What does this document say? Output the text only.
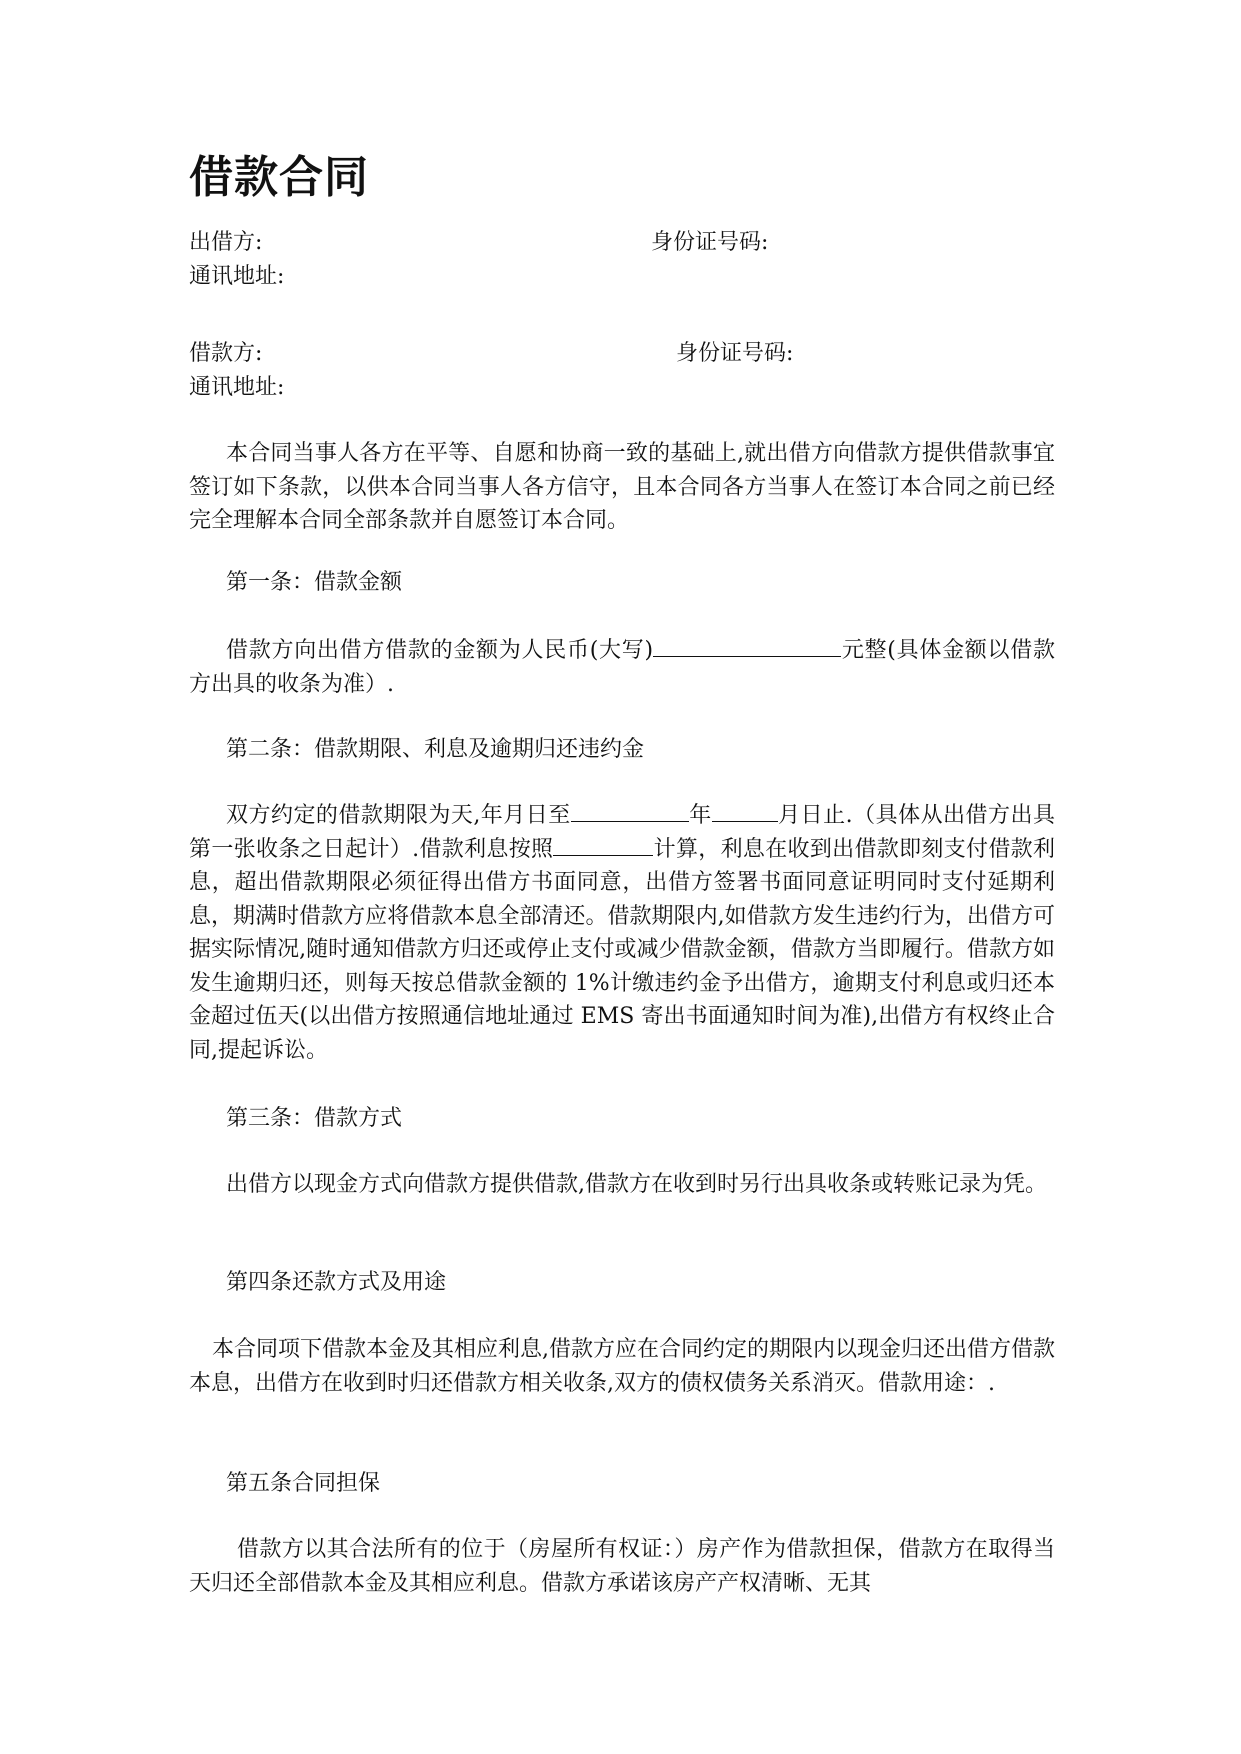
借款合同
出借方:	身份证号码:
通讯地址:
借款方:	身份证号码:
通讯地址:

本合同当事人各方在平等、自愿和协商一致的基础上,就出借方向借款方提供借款事宜签订如下条款，以供本合同当事人各方信守，且本合同各方当事人在签订本合同之前已经完全理解本合同全部条款并自愿签订本合同。

第一条：借款金额

借款方向出借方借款的金额为人民币(大写)	元整(具体金额以借款方出具的收条为准）.

第二条：借款期限、利息及逾期归还违约金

双方约定的借款期限为天,年月日至	年	月日止.（具体从出借方出具第一张收条之日起计）.借款利息按照	计算，利息在收到出借款即刻支付借款利息，超出借款期限必须征得出借方书面同意，出借方签署书面同意证明同时支付延期利息，期满时借款方应将借款本息全部清还。借款期限内,如借款方发生违约行为，出借方可据实际情况,随时通知借款方归还或停止支付或减少借款金额，借款方当即履行。借款方如发生逾期归还，则每天按总借款金额的 1%计缴违约金予出借方，逾期支付利息或归还本金超过伍天(以出借方按照通信地址通过 EMS 寄出书面通知时间为准),出借方有权终止合同,提起诉讼。

第三条：借款方式

出借方以现金方式向借款方提供借款,借款方在收到时另行出具收条或转账记录为凭。

第四条还款方式及用途

本合同项下借款本金及其相应利息,借款方应在合同约定的期限内以现金归还出借方借款本息，出借方在收到时归还借款方相关收条,双方的债权债务关系消灭。借款用途：.

第五条合同担保

借款方以其合法所有的位于（房屋所有权证：）房产作为借款担保，借款方在取得当天归还全部借款本金及其相应利息。借款方承诺该房产产权清晰、无其
